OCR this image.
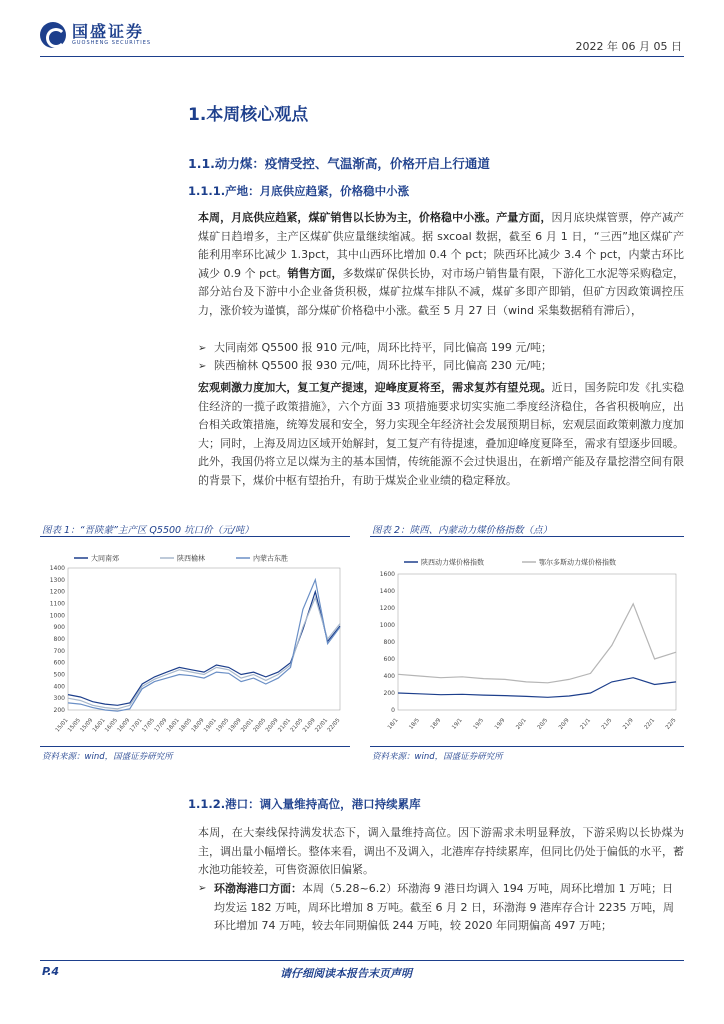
国盛证券
GUOSHENG SECURITIES	2022 年 06 月 05 日
1.本周核心观点
1.1.动力煤：疫情受控、气温渐高，价格开启上行通道
1.1.1.产地：月底供应趋紧，价格稳中小涨
本周，月底供应趋紧，煤矿销售以长协为主，价格稳中小涨。产量方面，因月底块煤管票，停产减产煤矿日趋增多，主产区煤矿供应量继续缩减。据 sxcoal 数据，截至 6 月 1 日，“三西”地区煤矿产能利用率环比减少 1.3pct，其中山西环比增加 0.4 个 pct；陕西环比减少 3.4 个 pct，内蒙古环比减少 0.9 个 pct。销售方面，多数煤矿保供长协，对市场户销售量有限，下游化工水泥等采购稳定，部分站台及下游中小企业备货积极，煤矿拉煤车排队不减，煤矿多即产即销，但矿方因政策调控压力，涨价较为谨慎，部分煤矿价格稳中小涨。截至 5 月 27 日（wind 采集数据稍有滞后），
➢ 大同南郊 Q5500 报 910 元/吨，周环比持平，同比偏高 199 元/吨；
➢ 陕西榆林 Q5500 报 930 元/吨，周环比持平，同比偏高 230 元/吨；
宏观刺激力度加大，复工复产提速，迎峰度夏将至，需求复苏有望兑现。近日，国务院印发《扎实稳住经济的一揽子政策措施》，六个方面 33 项措施要求切实实施二季度经济稳住，各省积极响应，出台相关政策措施，统筹发展和安全，努力实现全年经济社会发展预期目标，宏观层面政策刺激力度加大；同时，上海及周边区域开始解封，复工复产有待提速，叠加迎峰度夏降至，需求有望逐步回暖。此外，我国仍将立足以煤为主的基本国情，传统能源不会过快退出，在新增产能及存量挖潜空间有限的背景下，煤价中枢有望抬升，有助于煤炭企业业绩的稳定释放。
图表 1：“晋陕蒙”主产区 Q5500 坑口价（元/吨）
1400
1300
1200
1100
1000
900
800
700
600
500
400
300
200
15/01
15/05
15/09
16/01
16/05
16/09
17/01
17/05
17/09
18/01
18/05
18/09
19/01
19/05
19/09
20/01
20/05
20/09
21/01
21/05
21/09
22/01
22/05
大同南郊	陕西榆林	内蒙古东胜
资料来源：wind，国盛证券研究所
图表 2：陕西、内蒙动力煤价格指数（点）
1600
1400
1200
1000
800
600
400
200
0
18/1 18/5 18/9 19/1 19/5 19/9 20/1 20/5 20/9 21/1 21/5 21/9 22/1 22/5
陕西动力煤价格指数	鄂尔多斯动力煤价格指数
资料来源：wind，国盛证券研究所
1.1.2.港口：调入量维持高位，港口持续累库
本周，在大秦线保持满发状态下，调入量维持高位。因下游需求未明显释放，下游采购以长协煤为主，调出量小幅增长。整体来看，调出不及调入，北港库存持续累库，但同比仍处于偏低的水平，蓄水池功能较差，可售资源依旧偏紧。
➢ 环渤海港口方面：本周（5.28~6.2）环渤海 9 港日均调入 194 万吨，周环比增加 1 万吨；日均发运 182 万吨，周环比增加 8 万吨。截至 6 月 2 日，环渤海 9 港库存合计 2235 万吨，周环比增加 74 万吨，较去年同期偏低 244 万吨，较 2020 年同期偏高 497 万吨；
P.4	请仔细阅读本报告末页声明
